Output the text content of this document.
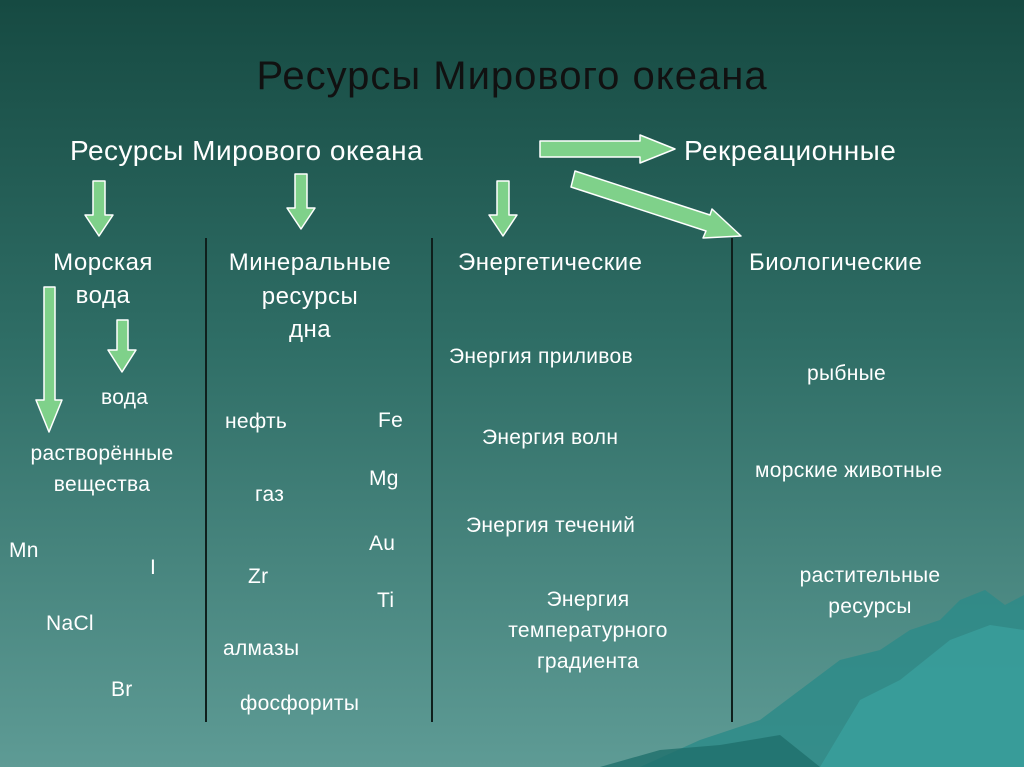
Ресурсы Мирового океана
Ресурсы Мирового океана	Рекреационные
Морская
вода
вода
растворённые
вещества
Mn
I
NaCl
Br
Минеральные
ресурсы
дна
нефть	Fe
Mg
газ
Au
Zr
Ti
алмазы
фосфориты
Энергетические
Энергия приливов
Энергия волн
Энергия течений
Энергия
температурного
градиента
Биологические
рыбные
морские животные
растительные
ресурсы
